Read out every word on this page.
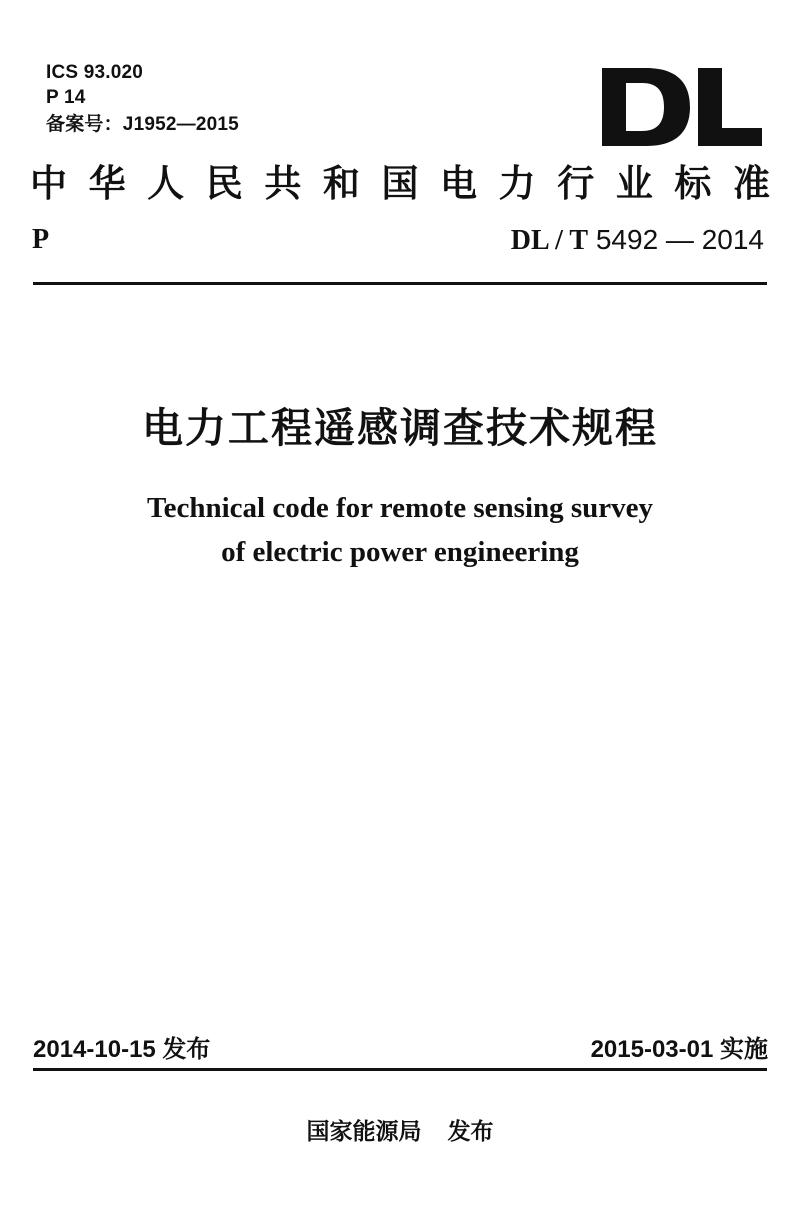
ICS 93.020
P 14
备案号：J1952—2015
中 华 人 民 共 和 国 电 力 行 业 标 准
P	DL / T 5492 — 2014
电力工程遥感调查技术规程
Technical code for remote sensing survey
of electric power engineering
2014-10-15 发布	2015-03-01 实施
国家能源局 发布
